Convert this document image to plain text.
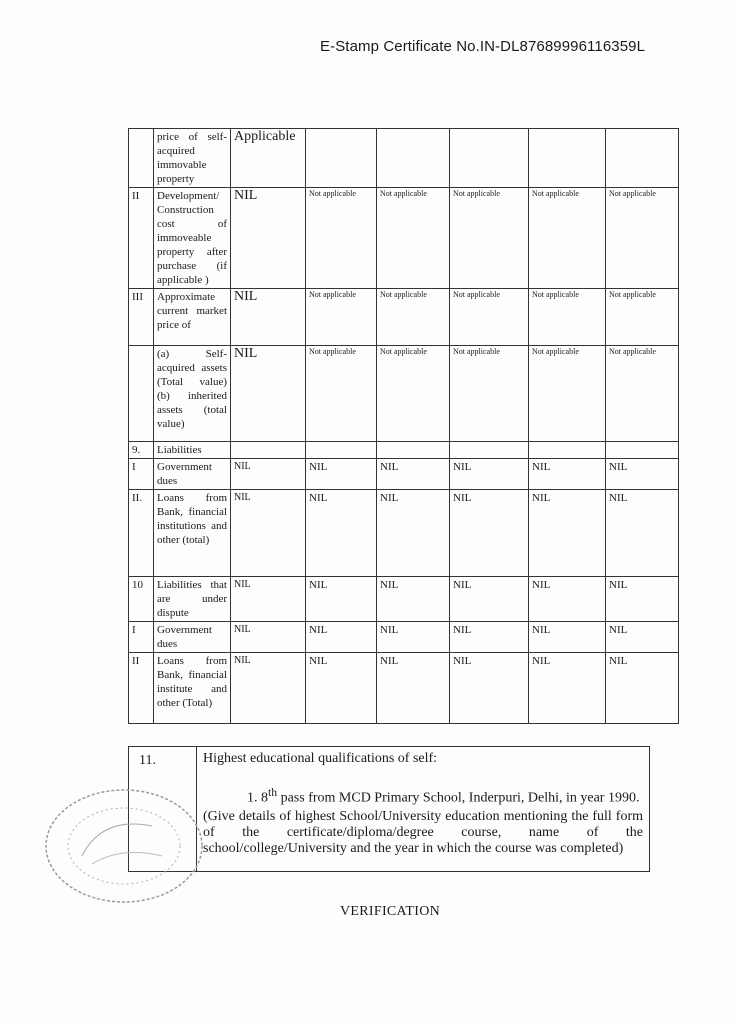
E-Stamp Certificate No.IN-DL87689996116359L
	price of self-acquired immovable property	Applicable					
II	Development/ Construction cost of immoveable property after purchase (if applicable )	NIL	Not applicable	Not applicable	Not applicable	Not applicable	Not applicable
III	Approximate current market price of	NIL	Not applicable	Not applicable	Not applicable	Not applicable	Not applicable
	(a) Self-acquired assets (Total value) (b) inherited assets (total value)	NIL	Not applicable	Not applicable	Not applicable	Not applicable	Not applicable
9.	Liabilities						
I	Government dues	NIL	NIL	NIL	NIL	NIL	NIL
II.	Loans from Bank, financial institutions and other (total)	NIL	NIL	NIL	NIL	NIL	NIL
10	Liabilities that are under dispute	NIL	NIL	NIL	NIL	NIL	NIL
I	Government dues	NIL	NIL	NIL	NIL	NIL	NIL
II	Loans from Bank, financial institute and other (Total)	NIL	NIL	NIL	NIL	NIL	NIL
11.	Highest educational qualifications of self:

1. 8th pass from MCD Primary School, Inderpuri, Delhi, in year 1990.

(Give details of highest School/University education mentioning the full form of the certificate/diploma/degree course, name of the school/college/University and the year in which the course was completed)

VERIFICATION
